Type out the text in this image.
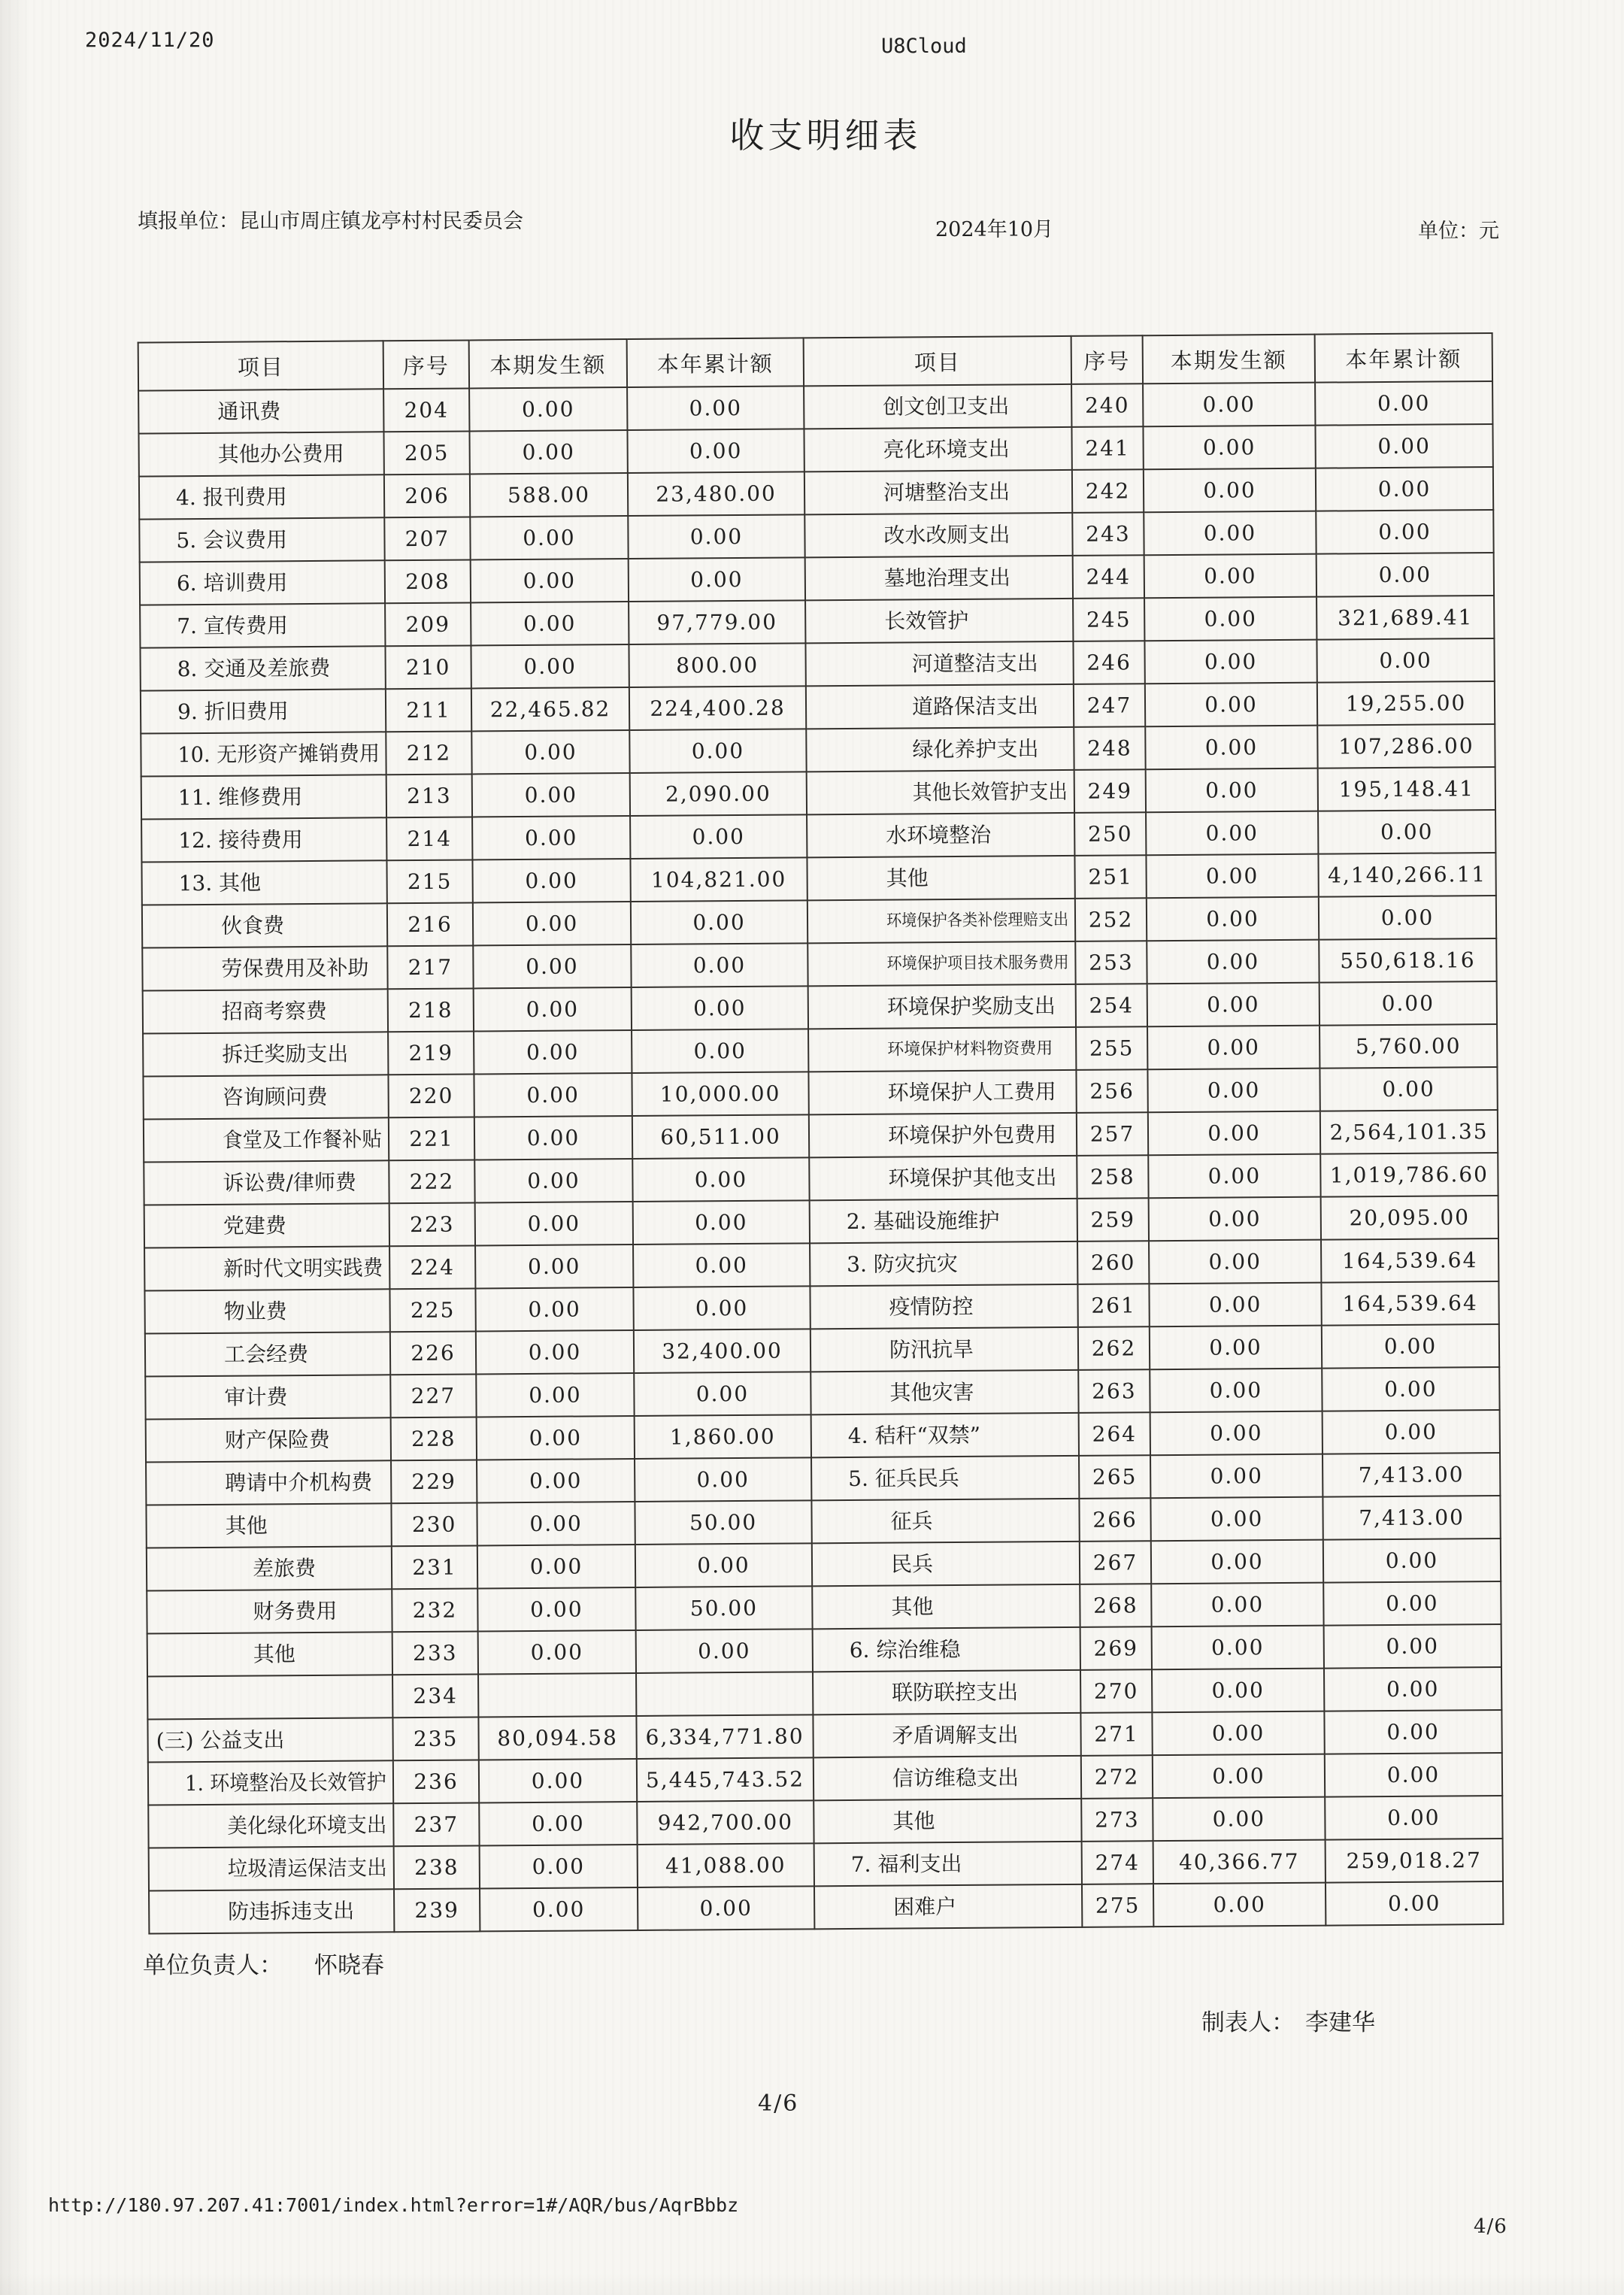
2024/11/20	U8Cloud
收支明细表
填报单位：昆山市周庄镇龙亭村村民委员会	2024年10月	单位：元
项目	序号	本期发生额	本年累计额
通讯费	204	0.00	0.00
其他办公费用	205	0.00	0.00
4. 报刊费用	206	588.00	23,480.00
5. 会议费用	207	0.00	0.00
6. 培训费用	208	0.00	0.00
7. 宣传费用	209	0.00	97,779.00
8. 交通及差旅费	210	0.00	800.00
9. 折旧费用	211	22,465.82	224,400.28
10. 无形资产摊销费用	212	0.00	0.00
11. 维修费用	213	0.00	2,090.00
12. 接待费用	214	0.00	0.00
13. 其他	215	0.00	104,821.00
伙食费	216	0.00	0.00
劳保费用及补助	217	0.00	0.00
招商考察费	218	0.00	0.00
拆迁奖励支出	219	0.00	0.00
咨询顾问费	220	0.00	10,000.00
食堂及工作餐补贴	221	0.00	60,511.00
诉讼费/律师费	222	0.00	0.00
党建费	223	0.00	0.00
新时代文明实践费	224	0.00	0.00
物业费	225	0.00	0.00
工会经费	226	0.00	32,400.00
审计费	227	0.00	0.00
财产保险费	228	0.00	1,860.00
聘请中介机构费	229	0.00	0.00
其他	230	0.00	50.00
差旅费	231	0.00	0.00
财务费用	232	0.00	50.00
其他	233	0.00	0.00
	234		
(三) 公益支出	235	80,094.58	6,334,771.80
1. 环境整治及长效管护	236	0.00	5,445,743.52
美化绿化环境支出	237	0.00	942,700.00
垃圾清运保洁支出	238	0.00	41,088.00
防违拆违支出	239	0.00	0.00
项目	序号	本期发生额	本年累计额
创文创卫支出	240	0.00	0.00
亮化环境支出	241	0.00	0.00
河塘整治支出	242	0.00	0.00
改水改厕支出	243	0.00	0.00
墓地治理支出	244	0.00	0.00
长效管护	245	0.00	321,689.41
河道整洁支出	246	0.00	0.00
道路保洁支出	247	0.00	19,255.00
绿化养护支出	248	0.00	107,286.00
其他长效管护支出	249	0.00	195,148.41
水环境整治	250	0.00	0.00
其他	251	0.00	4,140,266.11
环境保护各类补偿理赔支出	252	0.00	0.00
环境保护项目技术服务费用	253	0.00	550,618.16
环境保护奖励支出	254	0.00	0.00
环境保护材料物资费用	255	0.00	5,760.00
环境保护人工费用	256	0.00	0.00
环境保护外包费用	257	0.00	2,564,101.35
环境保护其他支出	258	0.00	1,019,786.60
2. 基础设施维护	259	0.00	20,095.00
3. 防灾抗灾	260	0.00	164,539.64
疫情防控	261	0.00	164,539.64
防汛抗旱	262	0.00	0.00
其他灾害	263	0.00	0.00
4. 秸秆“双禁”	264	0.00	0.00
5. 征兵民兵	265	0.00	7,413.00
征兵	266	0.00	7,413.00
民兵	267	0.00	0.00
其他	268	0.00	0.00
6. 综治维稳	269	0.00	0.00
联防联控支出	270	0.00	0.00
矛盾调解支出	271	0.00	0.00
信访维稳支出	272	0.00	0.00
其他	273	0.00	0.00
7. 福利支出	274	40,366.77	259,018.27
困难户	275	0.00	0.00
单位负责人： 怀晓春
制表人： 李建华
4/6
http://180.97.207.41:7001/index.html?error=1#/AQR/bus/AqrBbbz
4/6
